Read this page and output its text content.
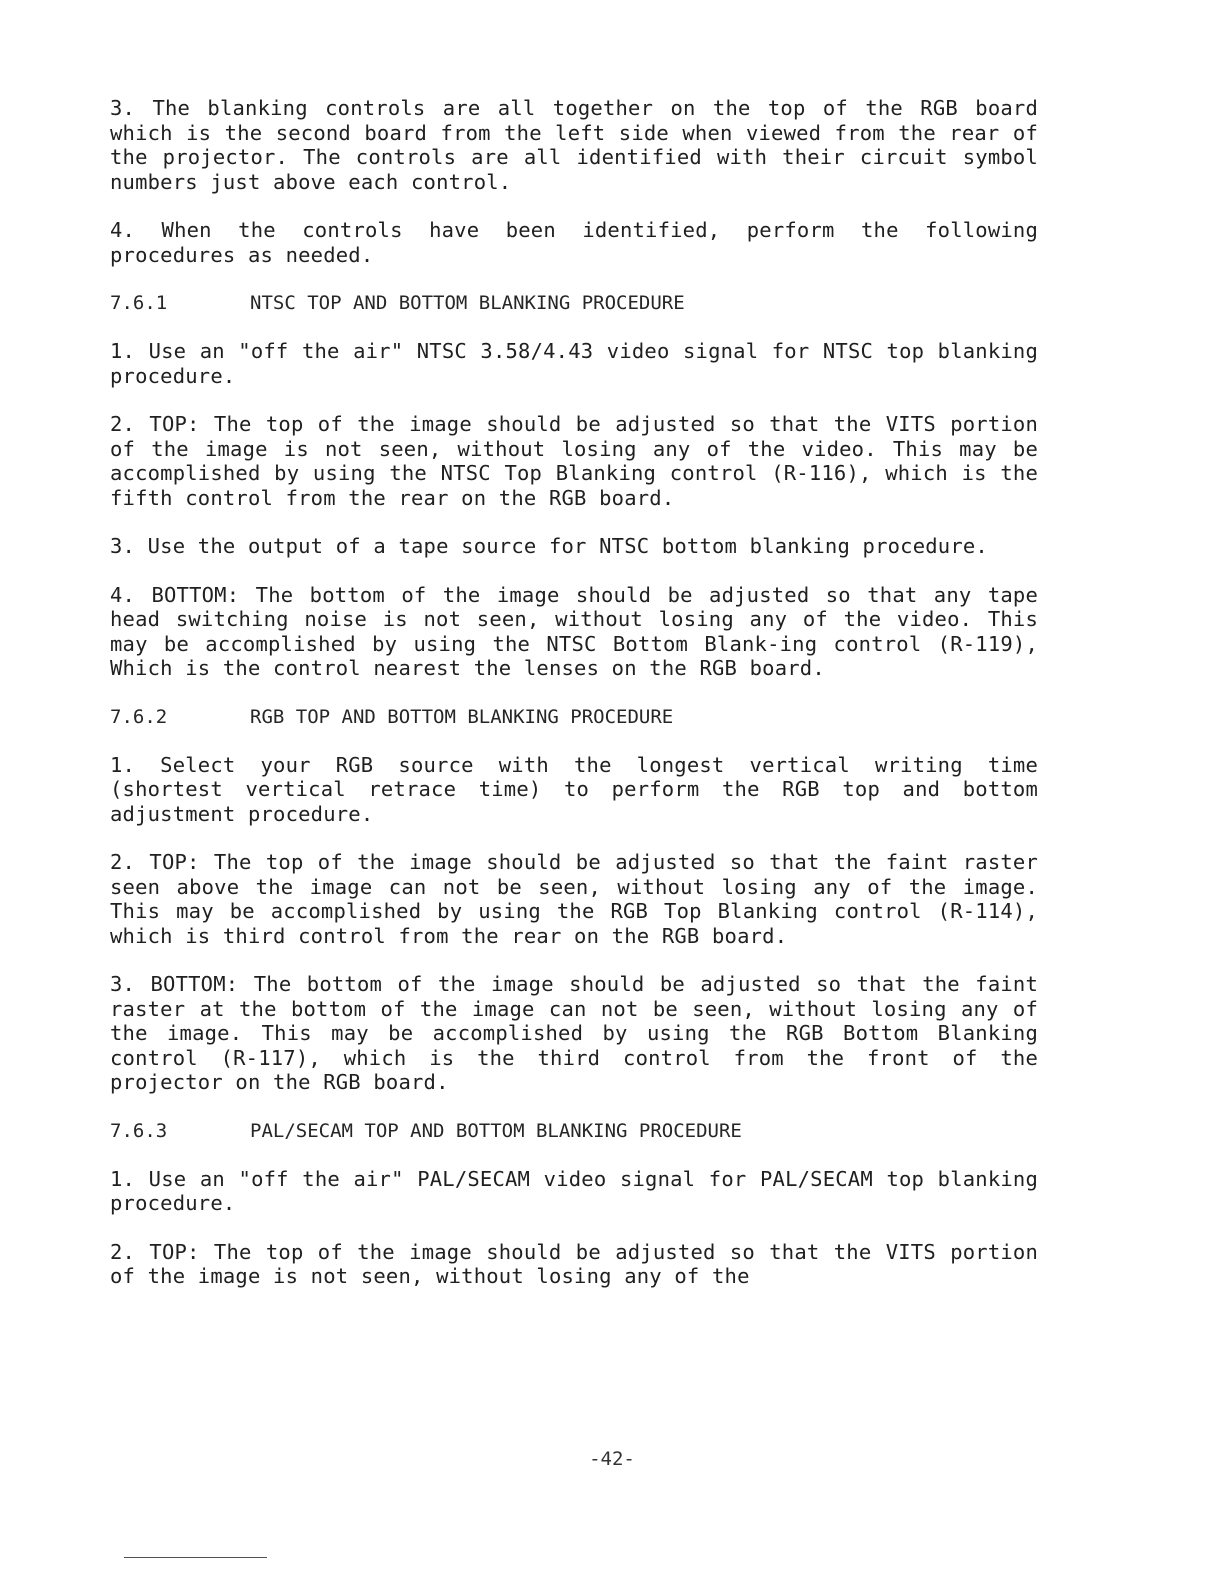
3. The blanking controls are all together on the top of the RGB board which is the second board from the left side when viewed from the rear of the projector. The controls are all identified with their circuit symbol numbers just above each control.

4. When the controls have been identified, perform the following procedures as needed.

7.6.1	NTSC TOP AND BOTTOM BLANKING PROCEDURE

1. Use an "off the air" NTSC 3.58/4.43 video signal for NTSC top blanking procedure.

2. TOP: The top of the image should be adjusted so that the VITS portion of the image is not seen, without losing any of the video. This may be accomplished by using the NTSC Top Blanking control (R-116), which is the fifth control from the rear on the RGB board.

3. Use the output of a tape source for NTSC bottom blanking procedure.

4. BOTTOM: The bottom of the image should be adjusted so that any tape head switching noise is not seen, without losing any of the video. This may be accomplished by using the NTSC Bottom Blank-ing control (R-119), Which is the control nearest the lenses on the RGB board.

7.6.2	RGB TOP AND BOTTOM BLANKING PROCEDURE

1. Select your RGB source with the longest vertical writing time (shortest vertical retrace time) to perform the RGB top and bottom adjustment procedure.

2. TOP: The top of the image should be adjusted so that the faint raster seen above the image can not be seen, without losing any of the image. This may be accomplished by using the RGB Top Blanking control (R-114), which is third control from the rear on the RGB board.

3. BOTTOM: The bottom of the image should be adjusted so that the faint raster at the bottom of the image can not be seen, without losing any of the image. This may be accomplished by using the RGB Bottom Blanking control (R-117), which is the third control from the front of the projector on the RGB board.

7.6.3	PAL/SECAM TOP AND BOTTOM BLANKING PROCEDURE

1. Use an "off the air" PAL/SECAM video signal for PAL/SECAM top blanking procedure.

2. TOP: The top of the image should be adjusted so that the VITS portion of the image is not seen, without losing any of the

-42-
